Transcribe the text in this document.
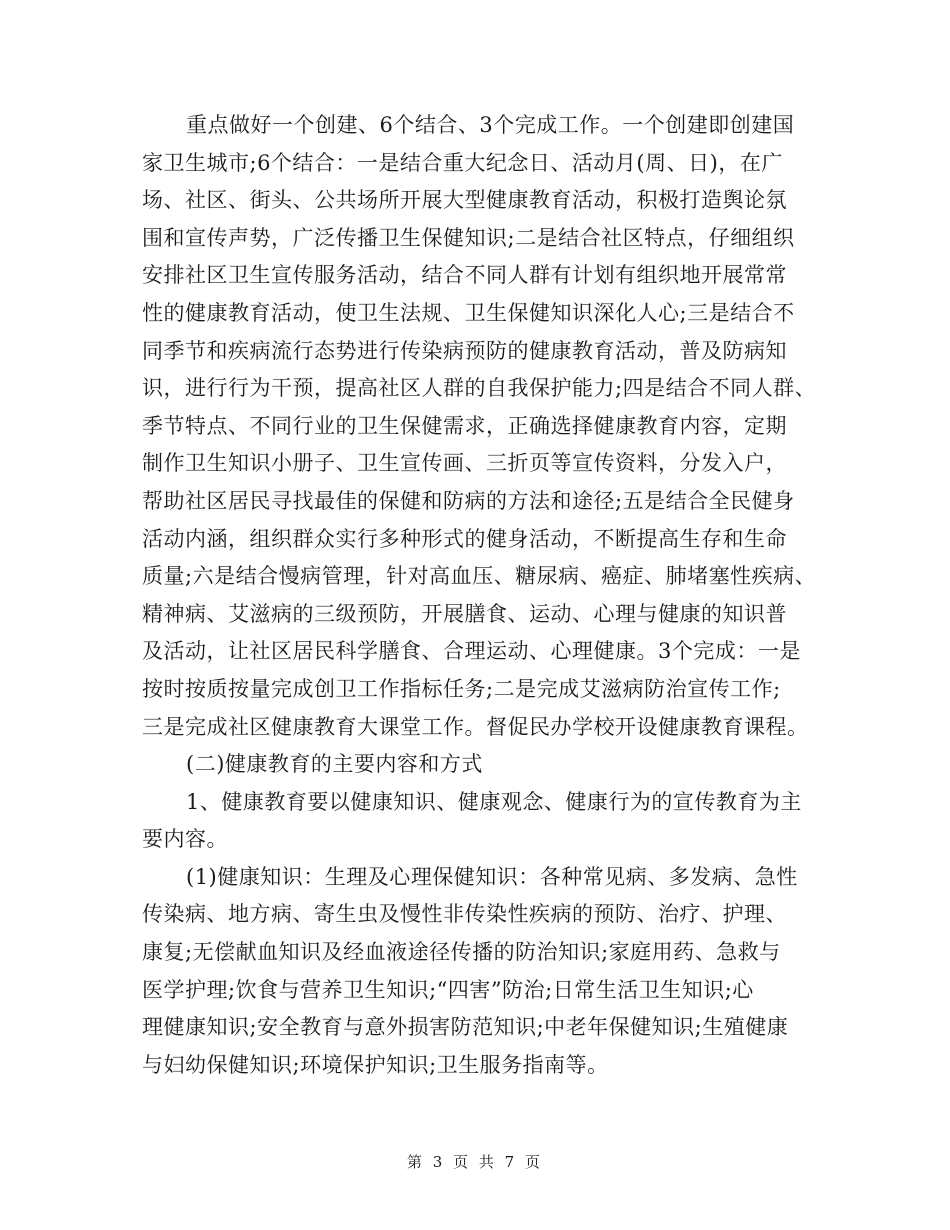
重点做好一个创建、6个结合、3个完成工作。一个创建即创建国
家卫生城市;6个结合：一是结合重大纪念日、活动月(周、日)，在广
场、社区、街头、公共场所开展大型健康教育活动，积极打造舆论氛
围和宣传声势，广泛传播卫生保健知识;二是结合社区特点，仔细组织
安排社区卫生宣传服务活动，结合不同人群有计划有组织地开展常常
性的健康教育活动，使卫生法规、卫生保健知识深化人心;三是结合不
同季节和疾病流行态势进行传染病预防的健康教育活动，普及防病知
识，进行行为干预，提高社区人群的自我保护能力;四是结合不同人群、
季节特点、不同行业的卫生保健需求，正确选择健康教育内容，定期
制作卫生知识小册子、卫生宣传画、三折页等宣传资料，分发入户，
帮助社区居民寻找最佳的保健和防病的方法和途径;五是结合全民健身
活动内涵，组织群众实行多种形式的健身活动，不断提高生存和生命
质量;六是结合慢病管理，针对高血压、糖尿病、癌症、肺堵塞性疾病、
精神病、艾滋病的三级预防，开展膳食、运动、心理与健康的知识普
及活动，让社区居民科学膳食、合理运动、心理健康。3个完成：一是
按时按质按量完成创卫工作指标任务;二是完成艾滋病防治宣传工作;
三是完成社区健康教育大课堂工作。督促民办学校开设健康教育课程。
(二)健康教育的主要内容和方式
1、健康教育要以健康知识、健康观念、健康行为的宣传教育为主
要内容。
(1)健康知识：生理及心理保健知识：各种常见病、多发病、急性
传染病、地方病、寄生虫及慢性非传染性疾病的预防、治疗、护理、
康复;无偿献血知识及经血液途径传播的防治知识;家庭用药、急救与
医学护理;饮食与营养卫生知识;“四害”防治;日常生活卫生知识;心
理健康知识;安全教育与意外损害防范知识;中老年保健知识;生殖健康
与妇幼保健知识;环境保护知识;卫生服务指南等。
第 3 页 共 7 页
